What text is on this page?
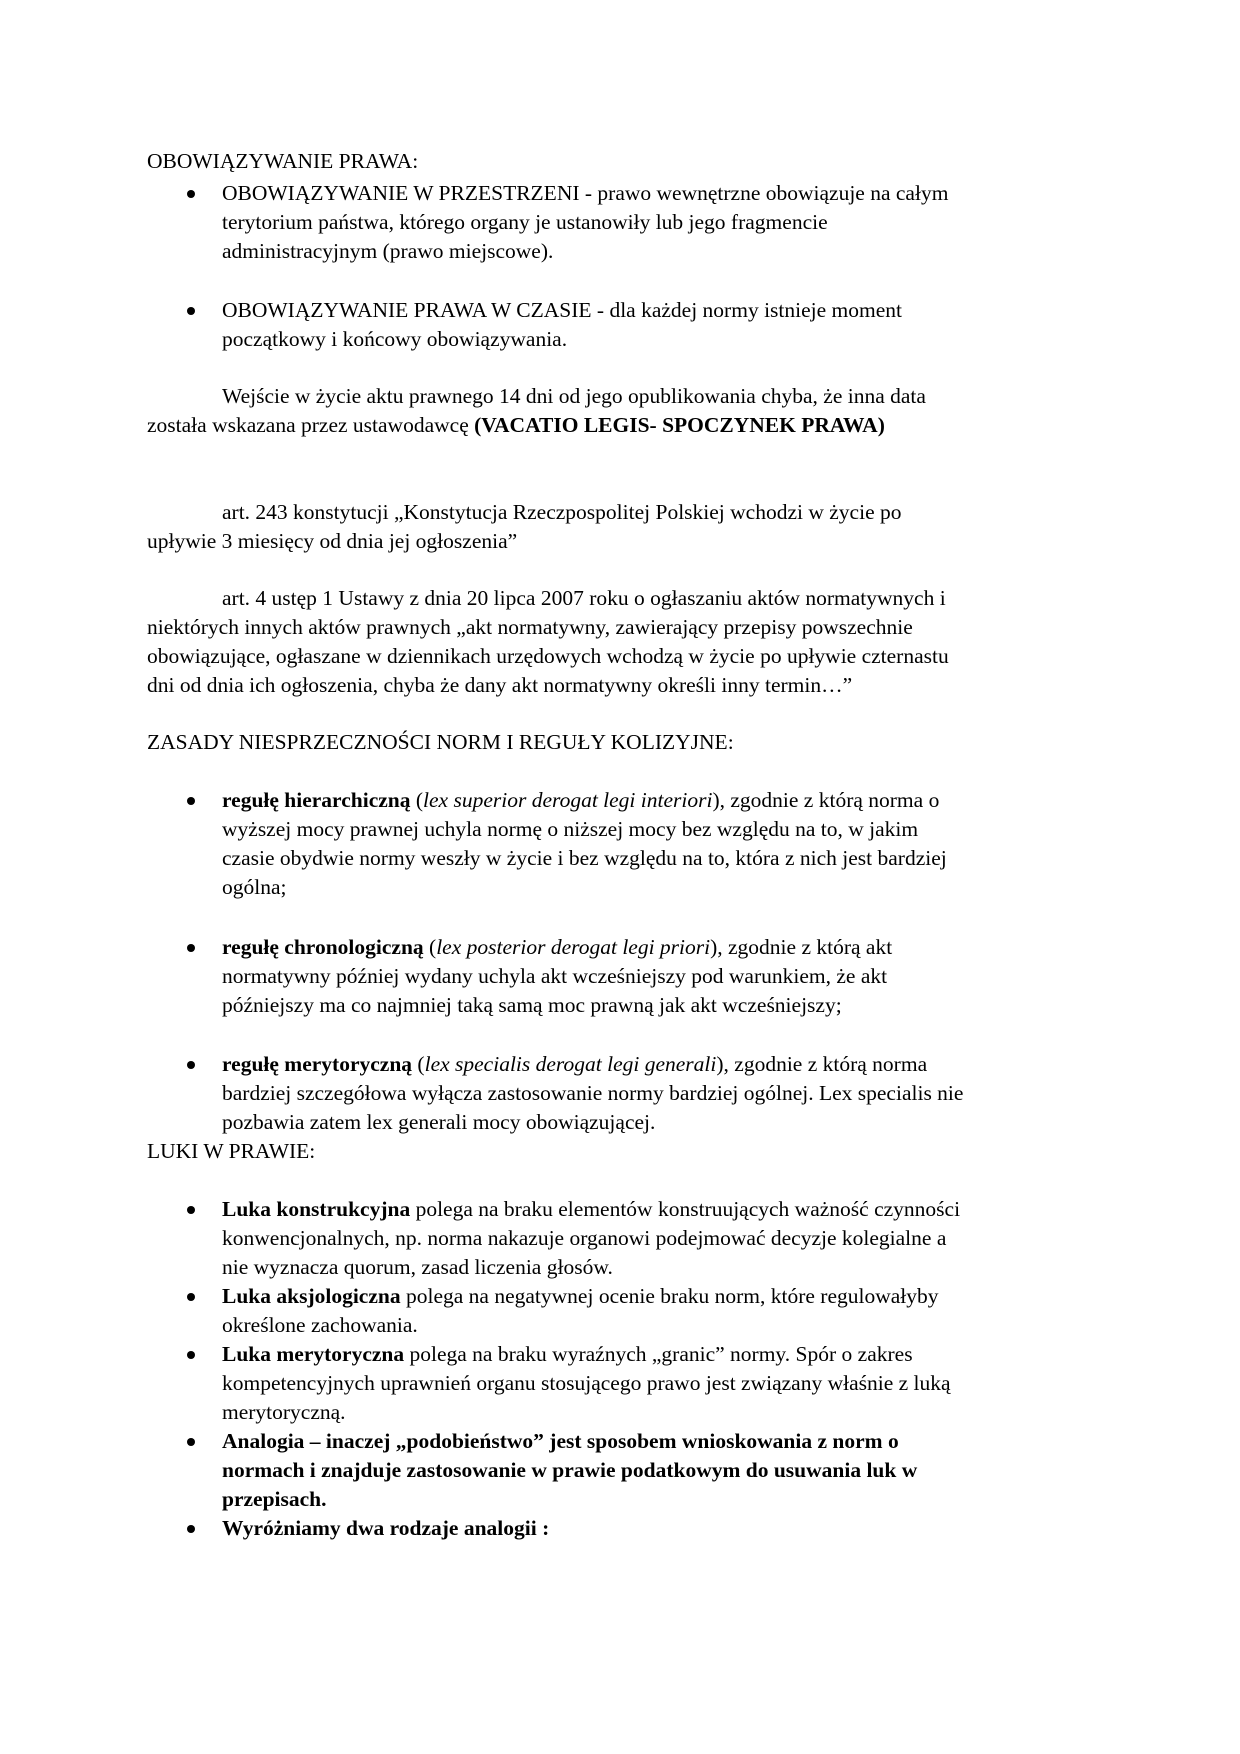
OBOWIĄZYWANIE PRAWA:
OBOWIĄZYWANIE W PRZESTRZENI - prawo wewnętrzne obowiązuje na całym
terytorium państwa, którego organy je ustanowiły lub jego fragmencie
administracyjnym (prawo miejscowe).
OBOWIĄZYWANIE PRAWA W CZASIE - dla każdej normy istnieje moment
początkowy i końcowy obowiązywania.
Wejście w życie aktu prawnego 14 dni od jego opublikowania chyba, że inna data
została wskazana przez ustawodawcę (VACATIO LEGIS- SPOCZYNEK PRAWA)
art. 243 konstytucji „Konstytucja Rzeczpospolitej Polskiej wchodzi w życie po
upływie 3 miesięcy od dnia jej ogłoszenia”
art. 4 ustęp 1 Ustawy z dnia 20 lipca 2007 roku o ogłaszaniu aktów normatywnych i
niektórych innych aktów prawnych „akt normatywny, zawierający przepisy powszechnie
obowiązujące, ogłaszane w dziennikach urzędowych wchodzą w życie po upływie czternastu
dni od dnia ich ogłoszenia, chyba że dany akt normatywny określi inny termin…”
ZASADY NIESPRZECZNOŚCI NORM I REGUŁY KOLIZYJNE:
regułę hierarchiczną (lex superior derogat legi interiori), zgodnie z którą norma o
wyższej mocy prawnej uchyla normę o niższej mocy bez względu na to, w jakim
czasie obydwie normy weszły w życie i bez względu na to, która z nich jest bardziej
ogólna;
regułę chronologiczną (lex posterior derogat legi priori), zgodnie z którą akt
normatywny później wydany uchyla akt wcześniejszy pod warunkiem, że akt
późniejszy ma co najmniej taką samą moc prawną jak akt wcześniejszy;
regułę merytoryczną (lex specialis derogat legi generali), zgodnie z którą norma
bardziej szczegółowa wyłącza zastosowanie normy bardziej ogólnej. Lex specialis nie
pozbawia zatem lex generali mocy obowiązującej.
LUKI W PRAWIE:
Luka konstrukcyjna polega na braku elementów konstruujących ważność czynności
konwencjonalnych, np. norma nakazuje organowi podejmować decyzje kolegialne a
nie wyznacza quorum, zasad liczenia głosów.
Luka aksjologiczna polega na negatywnej ocenie braku norm, które regulowałyby
określone zachowania.
Luka merytoryczna polega na braku wyraźnych „granic” normy. Spór o zakres
kompetencyjnych uprawnień organu stosującego prawo jest związany właśnie z luką
merytoryczną.
Analogia – inaczej „podobieństwo” jest sposobem wnioskowania z norm o
normach i znajduje zastosowanie w prawie podatkowym do usuwania luk w
przepisach.
Wyróżniamy dwa rodzaje analogii :
